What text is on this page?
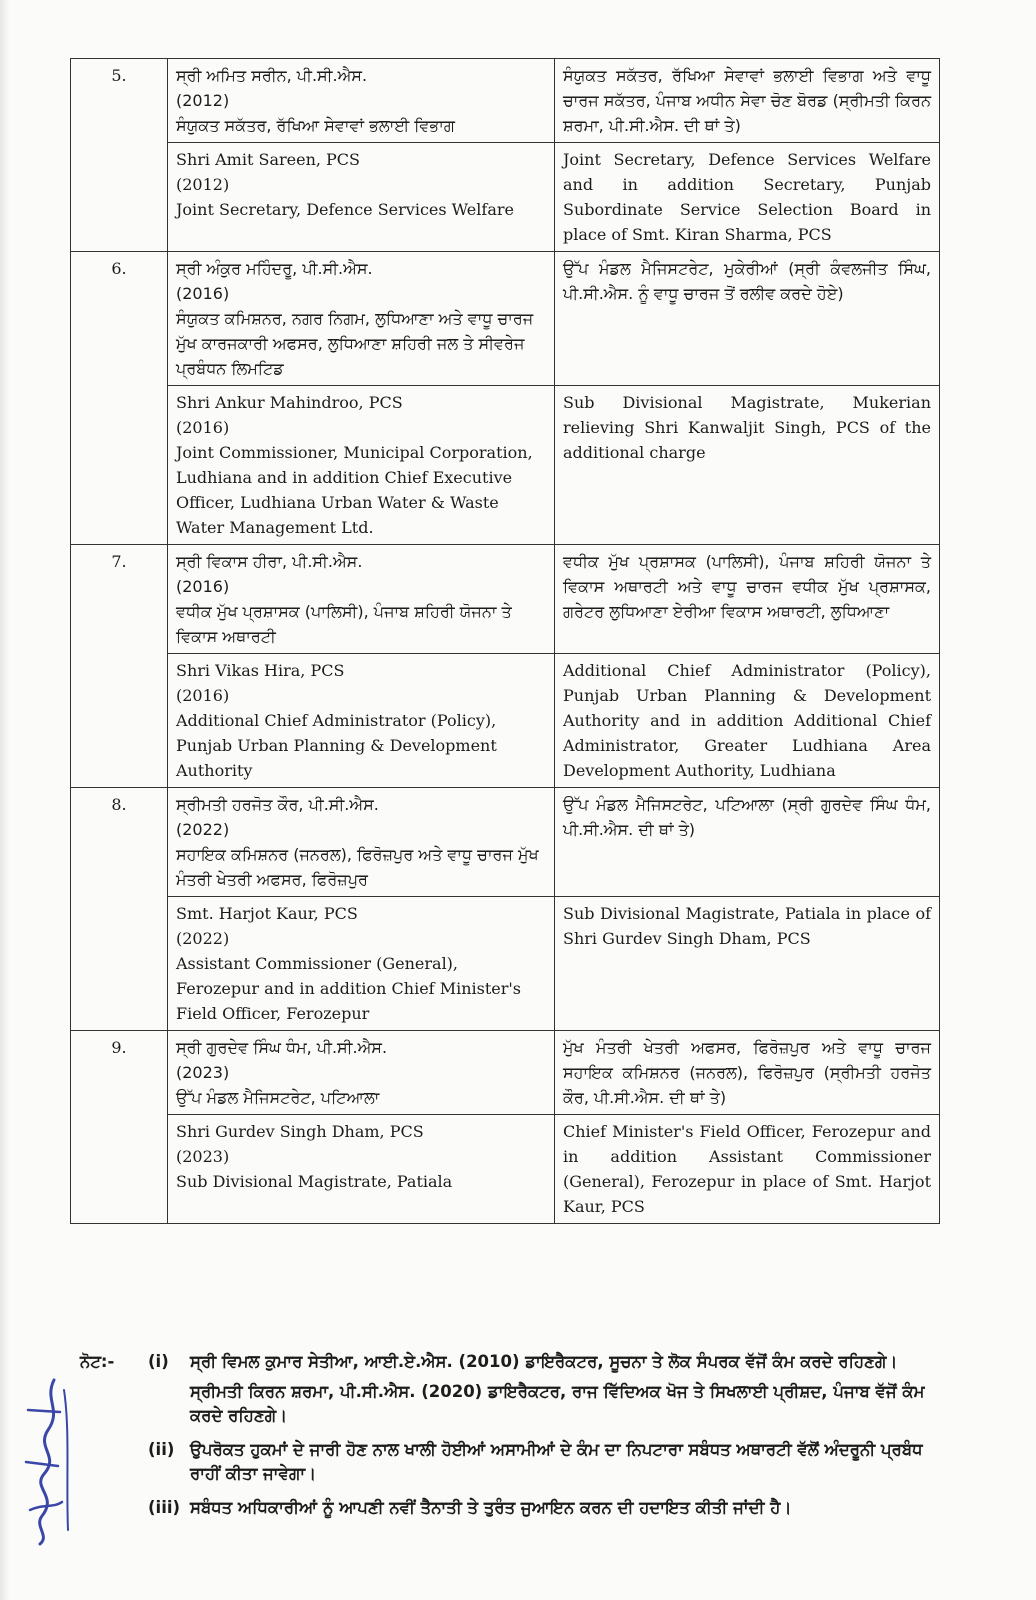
5.	ਸ੍ਰੀ ਅਮਿਤ ਸਰੀਨ, ਪੀ.ਸੀ.ਐਸ.
(2012)
ਸੰਯੁਕਤ ਸਕੱਤਰ, ਰੱਖਿਆ ਸੇਵਾਵਾਂ ਭਲਾਈ ਵਿਭਾਗ	ਸੰਯੁਕਤ ਸਕੱਤਰ, ਰੱਖਿਆ ਸੇਵਾਵਾਂ ਭਲਾਈ ਵਿਭਾਗ ਅਤੇ ਵਾਧੂ ਚਾਰਜ ਸਕੱਤਰ, ਪੰਜਾਬ ਅਧੀਨ ਸੇਵਾ ਚੋਣ ਬੋਰਡ (ਸ੍ਰੀਮਤੀ ਕਿਰਨ ਸ਼ਰਮਾ, ਪੀ.ਸੀ.ਐਸ. ਦੀ ਥਾਂ ਤੇ)

	Shri Amit Sareen, PCS
(2012)
Joint Secretary, Defence Services Welfare	Joint Secretary, Defence Services Welfare and in addition Secretary, Punjab Subordinate Service Selection Board in place of Smt. Kiran Sharma, PCS
6.	ਸ੍ਰੀ ਅੰਕੁਰ ਮਹਿੰਦਰੂ, ਪੀ.ਸੀ.ਐਸ.
(2016)
ਸੰਯੁਕਤ ਕਮਿਸ਼ਨਰ, ਨਗਰ ਨਿਗਮ, ਲੁਧਿਆਣਾ ਅਤੇ ਵਾਧੂ ਚਾਰਜ ਮੁੱਖ ਕਾਰਜਕਾਰੀ ਅਫਸਰ, ਲੁਧਿਆਣਾ ਸ਼ਹਿਰੀ ਜਲ ਤੇ ਸੀਵਰੇਜ ਪ੍ਰਬੰਧਨ ਲਿਮਟਿਡ	ਉੱਪ ਮੰਡਲ ਮੈਜਿਸਟਰੇਟ, ਮੁਕੇਰੀਆਂ (ਸ੍ਰੀ ਕੰਵਲਜੀਤ ਸਿੰਘ, ਪੀ.ਸੀ.ਐਸ. ਨੂੰ ਵਾਧੂ ਚਾਰਜ ਤੋਂ ਰਲੀਵ ਕਰਦੇ ਹੋਏ)

	Shri Ankur Mahindroo, PCS
(2016)
Joint Commissioner, Municipal Corporation, Ludhiana and in addition Chief Executive Officer, Ludhiana Urban Water & Waste Water Management Ltd.	Sub Divisional Magistrate, Mukerian relieving Shri Kanwaljit Singh, PCS of the additional charge
7.	ਸ੍ਰੀ ਵਿਕਾਸ ਹੀਰਾ, ਪੀ.ਸੀ.ਐਸ.
(2016)
ਵਧੀਕ ਮੁੱਖ ਪ੍ਰਸ਼ਾਸਕ (ਪਾਲਿਸੀ), ਪੰਜਾਬ ਸ਼ਹਿਰੀ ਯੋਜਨਾ ਤੇ ਵਿਕਾਸ ਅਥਾਰਟੀ	ਵਧੀਕ ਮੁੱਖ ਪ੍ਰਸ਼ਾਸਕ (ਪਾਲਿਸੀ), ਪੰਜਾਬ ਸ਼ਹਿਰੀ ਯੋਜਨਾ ਤੇ ਵਿਕਾਸ ਅਥਾਰਟੀ ਅਤੇ ਵਾਧੂ ਚਾਰਜ ਵਧੀਕ ਮੁੱਖ ਪ੍ਰਸ਼ਾਸਕ, ਗਰੇਟਰ ਲੁਧਿਆਣਾ ਏਰੀਆ ਵਿਕਾਸ ਅਥਾਰਟੀ, ਲੁਧਿਆਣਾ

	Shri Vikas Hira, PCS
(2016)
Additional Chief Administrator (Policy), Punjab Urban Planning & Development Authority	Additional Chief Administrator (Policy), Punjab Urban Planning & Development Authority and in addition Additional Chief Administrator, Greater Ludhiana Area Development Authority, Ludhiana
8.	ਸ੍ਰੀਮਤੀ ਹਰਜੋਤ ਕੌਰ, ਪੀ.ਸੀ.ਐਸ.
(2022)
ਸਹਾਇਕ ਕਮਿਸ਼ਨਰ (ਜਨਰਲ), ਫਿਰੋਜ਼ਪੁਰ ਅਤੇ ਵਾਧੂ ਚਾਰਜ ਮੁੱਖ ਮੰਤਰੀ ਖੇਤਰੀ ਅਫਸਰ, ਫਿਰੋਜ਼ਪੁਰ	ਉੱਪ ਮੰਡਲ ਮੈਜਿਸਟਰੇਟ, ਪਟਿਆਲਾ (ਸ੍ਰੀ ਗੁਰਦੇਵ ਸਿੰਘ ਧੰਮ, ਪੀ.ਸੀ.ਐਸ. ਦੀ ਥਾਂ ਤੇ)

	Smt. Harjot Kaur, PCS
(2022)
Assistant Commissioner (General), Ferozepur and in addition Chief Minister's Field Officer, Ferozepur	Sub Divisional Magistrate, Patiala in place of Shri Gurdev Singh Dham, PCS
9.	ਸ੍ਰੀ ਗੁਰਦੇਵ ਸਿੰਘ ਧੰਮ, ਪੀ.ਸੀ.ਐਸ.
(2023)
ਉੱਪ ਮੰਡਲ ਮੈਜਿਸਟਰੇਟ, ਪਟਿਆਲਾ	ਮੁੱਖ ਮੰਤਰੀ ਖੇਤਰੀ ਅਫਸਰ, ਫਿਰੋਜ਼ਪੁਰ ਅਤੇ ਵਾਧੂ ਚਾਰਜ ਸਹਾਇਕ ਕਮਿਸ਼ਨਰ (ਜਨਰਲ), ਫਿਰੋਜ਼ਪੁਰ (ਸ੍ਰੀਮਤੀ ਹਰਜੋਤ ਕੌਰ, ਪੀ.ਸੀ.ਐਸ. ਦੀ ਥਾਂ ਤੇ)

	Shri Gurdev Singh Dham, PCS
(2023)
Sub Divisional Magistrate, Patiala	Chief Minister's Field Officer, Ferozepur and in addition Assistant Commissioner (General), Ferozepur in place of Smt. Harjot Kaur, PCS
ਨੋਟ:-	(i)	ਸ੍ਰੀ ਵਿਮਲ ਕੁਮਾਰ ਸੇਤੀਆ, ਆਈ.ਏ.ਐਸ. (2010) ਡਾਇਰੈਕਟਰ, ਸੂਚਨਾ ਤੇ ਲੋਕ ਸੰਪਰਕ ਵੱਜੋਂ ਕੰਮ ਕਰਦੇ ਰਹਿਣਗੇ।
ਸ੍ਰੀਮਤੀ ਕਿਰਨ ਸ਼ਰਮਾ, ਪੀ.ਸੀ.ਐਸ. (2020) ਡਾਇਰੈਕਟਰ, ਰਾਜ ਵਿੱਦਿਅਕ ਖੋਜ ਤੇ ਸਿਖਲਾਈ ਪ੍ਰੀਸ਼ਦ, ਪੰਜਾਬ ਵੱਜੋਂ ਕੰਮ ਕਰਦੇ ਰਹਿਣਗੇ।
(ii) ਉਪਰੋਕਤ ਹੁਕਮਾਂ ਦੇ ਜਾਰੀ ਹੋਣ ਨਾਲ ਖਾਲੀ ਹੋਈਆਂ ਅਸਾਮੀਆਂ ਦੇ ਕੰਮ ਦਾ ਨਿਪਟਾਰਾ ਸਬੰਧਤ ਅਥਾਰਟੀ ਵੱਲੋਂ ਅੰਦਰੂਨੀ ਪ੍ਰਬੰਧ ਰਾਹੀਂ ਕੀਤਾ ਜਾਵੇਗਾ।
(iii) ਸਬੰਧਤ ਅਧਿਕਾਰੀਆਂ ਨੂੰ ਆਪਣੀ ਨਵੀਂ ਤੈਨਾਤੀ ਤੇ ਤੁਰੰਤ ਜੁਆਇਨ ਕਰਨ ਦੀ ਹਦਾਇਤ ਕੀਤੀ ਜਾਂਦੀ ਹੈ।
